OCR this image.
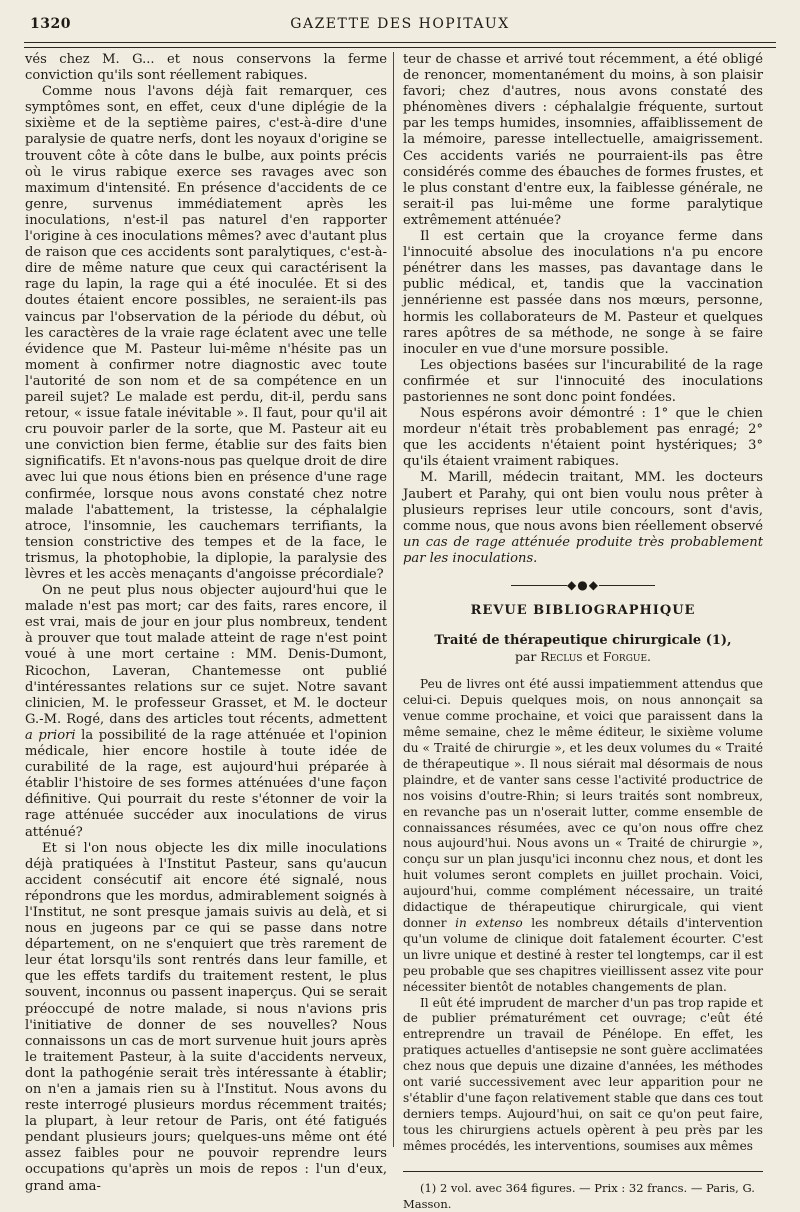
1320	GAZETTE DES HOPITAUX

vés chez M. G... et nous conservons la ferme conviction qu'ils sont réellement rabiques.

Comme nous l'avons déjà fait remarquer, ces symptômes sont, en effet, ceux d'une diplégie de la sixième et de la septième paires, c'est-à-dire d'une paralysie de quatre nerfs, dont les noyaux d'origine se trouvent côte à côte dans le bulbe, aux points précis où le virus rabique exerce ses ravages avec son maximum d'intensité. En présence d'accidents de ce genre, survenus immédiatement après les inoculations, n'est-il pas naturel d'en rapporter l'origine à ces inoculations mêmes? avec d'autant plus de raison que ces accidents sont paralytiques, c'est-à-dire de même nature que ceux qui caractérisent la rage du lapin, la rage qui a été inoculée. Et si des doutes étaient encore possibles, ne seraient-ils pas vaincus par l'observation de la période du début, où les caractères de la vraie rage éclatent avec une telle évidence que M. Pasteur lui-même n'hésite pas un moment à confirmer notre diagnostic avec toute l'autorité de son nom et de sa compétence en un pareil sujet? Le malade est perdu, dit-il, perdu sans retour, « issue fatale inévitable ». Il faut, pour qu'il ait cru pouvoir parler de la sorte, que M. Pasteur ait eu une conviction bien ferme, établie sur des faits bien significatifs. Et n'avons-nous pas quelque droit de dire avec lui que nous étions bien en présence d'une rage confirmée, lorsque nous avons constaté chez notre malade l'abattement, la tristesse, la céphalalgie atroce, l'insomnie, les cauchemars terrifiants, la tension constrictive des tempes et de la face, le trismus, la photophobie, la diplopie, la paralysie des lèvres et les accès menaçants d'angoisse précordiale?

On ne peut plus nous objecter aujourd'hui que le malade n'est pas mort; car des faits, rares encore, il est vrai, mais de jour en jour plus nombreux, tendent à prouver que tout malade atteint de rage n'est point voué à une mort certaine : MM. Denis-Dumont, Ricochon, Laveran, Chantemesse ont publié d'intéressantes relations sur ce sujet. Notre savant clinicien, M. le professeur Grasset, et M. le docteur G.-M. Rogé, dans des articles tout récents, admettent a priori la possibilité de la rage atténuée et l'opinion médicale, hier encore hostile à toute idée de curabilité de la rage, est aujourd'hui préparée à établir l'histoire de ses formes atténuées d'une façon définitive. Qui pourrait du reste s'étonner de voir la rage atténuée succéder aux inoculations de virus atténué?

Et si l'on nous objecte les dix mille inoculations déjà pratiquées à l'Institut Pasteur, sans qu'aucun accident consécutif ait encore été signalé, nous répondrons que les mordus, admirablement soignés à l'Institut, ne sont presque jamais suivis au delà, et si nous en jugeons par ce qui se passe dans notre département, on ne s'enquiert que très rarement de leur état lorsqu'ils sont rentrés dans leur famille, et que les effets tardifs du traitement restent, le plus souvent, inconnus ou passent inaperçus. Qui se serait préoccupé de notre malade, si nous n'avions pris l'initiative de donner de ses nouvelles? Nous connaissons un cas de mort survenue huit jours après le traitement Pasteur, à la suite d'accidents nerveux, dont la pathogénie serait très intéressante à établir; on n'en a jamais rien su à l'Institut. Nous avons du reste interrogé plusieurs mordus récemment traités; la plupart, à leur retour de Paris, ont été fatigués pendant plusieurs jours; quelques-uns même ont été assez faibles pour ne pouvoir reprendre leurs occupations qu'après un mois de repos : l'un d'eux, grand ama-

teur de chasse et arrivé tout récemment, a été obligé de renoncer, momentanément du moins, à son plaisir favori; chez d'autres, nous avons constaté des phénomènes divers : céphalalgie fréquente, surtout par les temps humides, insomnies, affaiblissement de la mémoire, paresse intellectuelle, amaigrissement. Ces accidents variés ne pourraient-ils pas être considérés comme des ébauches de formes frustes, et le plus constant d'entre eux, la faiblesse générale, ne serait-il pas lui-même une forme paralytique extrêmement atténuée?

Il est certain que la croyance ferme dans l'innocuité absolue des inoculations n'a pu encore pénétrer dans les masses, pas davantage dans le public médical, et, tandis que la vaccination jennérienne est passée dans nos mœurs, personne, hormis les collaborateurs de M. Pasteur et quelques rares apôtres de sa méthode, ne songe à se faire inoculer en vue d'une morsure possible.

Les objections basées sur l'incurabilité de la rage confirmée et sur l'innocuité des inoculations pastoriennes ne sont donc point fondées.

Nous espérons avoir démontré : 1° que le chien mordeur n'était très probablement pas enragé; 2° que les accidents n'étaient point hystériques; 3° qu'ils étaient vraiment rabiques.

M. Marill, médecin traitant, MM. les docteurs Jaubert et Parahy, qui ont bien voulu nous prêter à plusieurs reprises leur utile concours, sont d'avis, comme nous, que nous avons bien réellement observé un cas de rage atténuée produite très probablement par les inoculations.

◆●◆
REVUE BIBLIOGRAPHIQUE
Traité de thérapeutique chirurgicale (1),
par Reclus et Forgue.

Peu de livres ont été aussi impatiemment attendus que celui-ci. Depuis quelques mois, on nous annonçait sa venue comme prochaine, et voici que paraissent dans la même semaine, chez le même éditeur, le sixième volume du « Traité de chirurgie », et les deux volumes du « Traité de thérapeutique ». Il nous siérait mal désormais de nous plaindre, et de vanter sans cesse l'activité productrice de nos voisins d'outre-Rhin; si leurs traités sont nombreux, en revanche pas un n'oserait lutter, comme ensemble de connaissances résumées, avec ce qu'on nous offre chez nous aujourd'hui. Nous avons un « Traité de chirurgie », conçu sur un plan jusqu'ici inconnu chez nous, et dont les huit volumes seront complets en juillet prochain. Voici, aujourd'hui, comme complément nécessaire, un traité didactique de thérapeutique chirurgicale, qui vient donner in extenso les nombreux détails d'intervention qu'un volume de clinique doit fatalement écourter. C'est un livre unique et destiné à rester tel longtemps, car il est peu probable que ses chapitres vieillissent assez vite pour nécessiter bientôt de notables changements de plan.

Il eût été imprudent de marcher d'un pas trop rapide et de publier prématurément cet ouvrage; c'eût été entreprendre un travail de Pénélope. En effet, les pratiques actuelles d'antisepsie ne sont guère acclimatées chez nous que depuis une dizaine d'années, les méthodes ont varié successivement avec leur apparition pour ne s'établir d'une façon relativement stable que dans ces tout derniers temps. Aujourd'hui, on sait ce qu'on peut faire, tous les chirurgiens actuels opèrent à peu près par les mêmes procédés, les interventions, soumises aux mêmes

(1) 2 vol. avec 364 figures. — Prix : 32 francs. — Paris, G. Masson.
